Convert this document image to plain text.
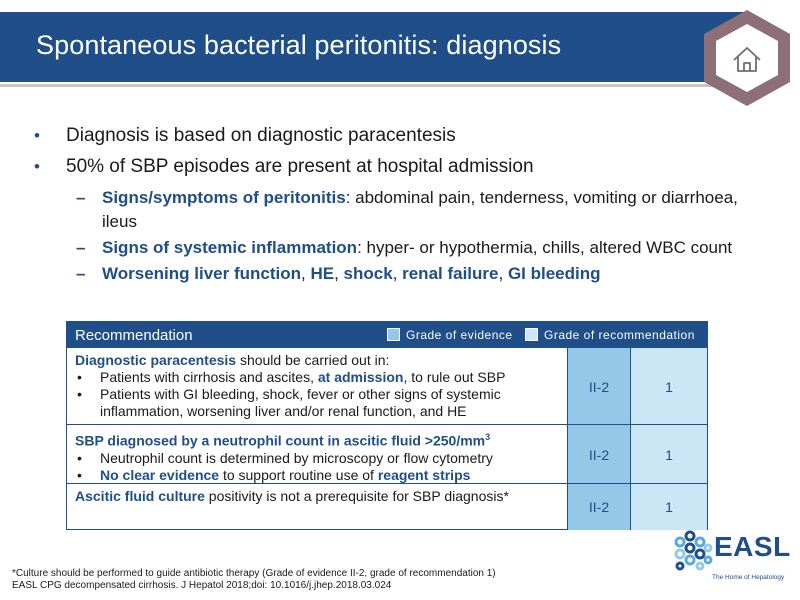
Spontaneous bacterial peritonitis: diagnosis
• Diagnosis is based on diagnostic paracentesis
• 50% of SBP episodes are present at hospital admission
– Signs/symptoms of peritonitis: abdominal pain, tenderness, vomiting or diarrhoea, ileus
– Signs of systemic inflammation: hyper- or hypothermia, chills, altered WBC count
– Worsening liver function, HE, shock, renal failure, GI bleeding
Recommendation	Grade of evidence	Grade of recommendation
Diagnostic paracentesis should be carried out in:
• Patients with cirrhosis and ascites, at admission, to rule out SBP
• Patients with GI bleeding, shock, fever or other signs of systemic inflammation, worsening liver and/or renal function, and HE
II-2	1
SBP diagnosed by a neutrophil count in ascitic fluid $>250/mm^3$
• Neutrophil count is determined by microscopy or flow cytometry
• No clear evidence to support routine use of reagent strips
II-2	1
Ascitic fluid culture positivity is not a prerequisite for SBP diagnosis*
II-2	1
*Culture should be performed to guide antibiotic therapy (Grade of evidence II-2, grade of recommendation 1)
EASL CPG decompensated cirrhosis. J Hepatol 2018;doi: 10.1016/j.jhep.2018.03.024
EASL
The Home of Hepatology
